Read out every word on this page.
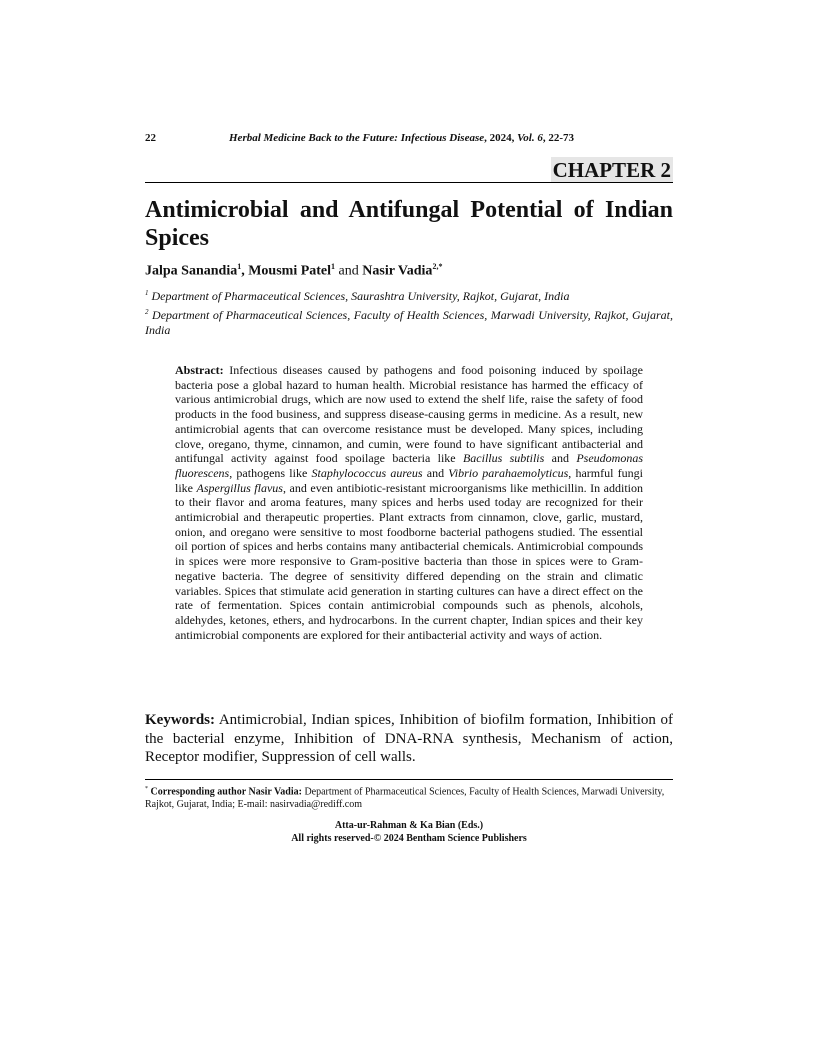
22	Herbal Medicine Back to the Future: Infectious Disease, 2024, Vol. 6, 22-73
CHAPTER 2
Antimicrobial and Antifungal Potential of Indian Spices
Jalpa Sanandia$^1$, Mousmi Patel$^1$ and Nasir Vadia$^{2,*}$
$^1$ Department of Pharmaceutical Sciences, Saurashtra University, Rajkot, Gujarat, India
$^2$ Department of Pharmaceutical Sciences, Faculty of Health Sciences, Marwadi University, Rajkot, Gujarat, India

Abstract: Infectious diseases caused by pathogens and food poisoning induced by spoilage bacteria pose a global hazard to human health. Microbial resistance has harmed the efficacy of various antimicrobial drugs, which are now used to extend the shelf life, raise the safety of food products in the food business, and suppress disease-causing germs in medicine. As a result, new antimicrobial agents that can overcome resistance must be developed. Many spices, including clove, oregano, thyme, cinnamon, and cumin, were found to have significant antibacterial and antifungal activity against food spoilage bacteria like Bacillus subtilis and Pseudomonas fluorescens, pathogens like Staphylococcus aureus and Vibrio parahaemolyticus, harmful fungi like Aspergillus flavus, and even antibiotic-resistant microorganisms like methicillin. In addition to their flavor and aroma features, many spices and herbs used today are recognized for their antimicrobial and therapeutic properties. Plant extracts from cinnamon, clove, garlic, mustard, onion, and oregano were sensitive to most foodborne bacterial pathogens studied. The essential oil portion of spices and herbs contains many antibacterial chemicals. Antimicrobial compounds in spices were more responsive to Gram-positive bacteria than those in spices were to Gram-negative bacteria. The degree of sensitivity differed depending on the strain and climatic variables. Spices that stimulate acid generation in starting cultures can have a direct effect on the rate of fermentation. Spices contain antimicrobial compounds such as phenols, alcohols, aldehydes, ketones, ethers, and hydrocarbons. In the current chapter, Indian spices and their key antimicrobial components are explored for their antibacterial activity and ways of action.

Keywords: Antimicrobial, Indian spices, Inhibition of biofilm formation, Inhibition of the bacterial enzyme, Inhibition of DNA-RNA synthesis, Mechanism of action, Receptor modifier, Suppression of cell walls.

* Corresponding author Nasir Vadia: Department of Pharmaceutical Sciences, Faculty of Health Sciences, Marwadi University, Rajkot, Gujarat, India; E-mail: nasirvadia@rediff.com

Atta-ur-Rahman & Ka Bian (Eds.)
All rights reserved-© 2024 Bentham Science Publishers
